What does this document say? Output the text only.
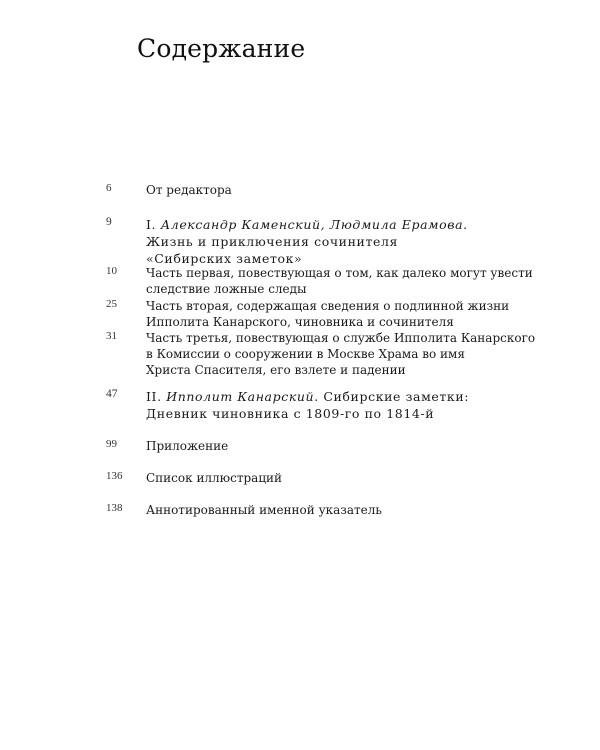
Содержание
6	От редактора
9	I. Александр Каменский, Людмила Ерамова.
Жизнь и приключения сочинителя
«Сибирских заметок»
10 Часть первая, повествующая о том, как далеко могут увести
следствие ложные следы
25 Часть вторая, содержащая сведения о подлинной жизни
Ипполита Канарского, чиновника и сочинителя
31 Часть третья, повествующая о службе Ипполита Канарского
в Комиссии о сооружении в Москве Храма во имя
Христа Спасителя, его взлете и падении
47 II. Ипполит Канарский. Сибирские заметки:
Дневник чиновника с 1809-го по 1814-й
99 Приложение
136 Список иллюстраций
138 Аннотированный именной указатель
